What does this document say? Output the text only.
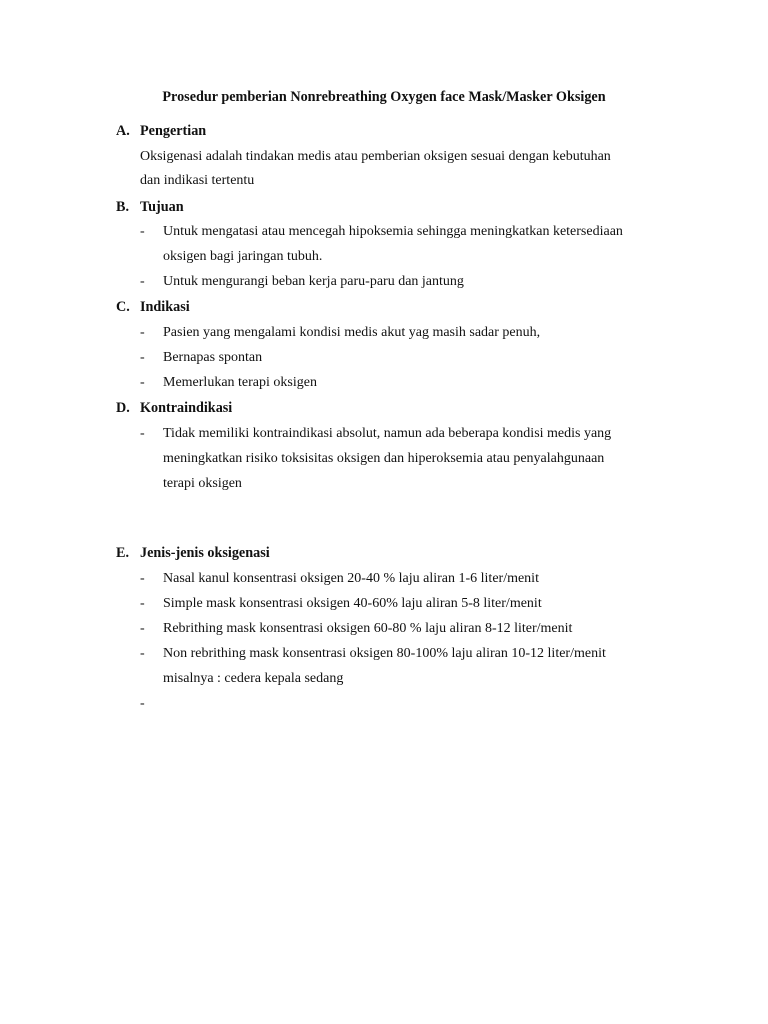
Prosedur pemberian Nonrebreathing Oxygen face Mask/Masker Oksigen
A. Pengertian
Oksigenasi adalah tindakan medis atau pemberian oksigen sesuai dengan kebutuhan
dan indikasi tertentu
B. Tujuan
- Untuk mengatasi atau mencegah hipoksemia sehingga meningkatkan ketersediaan
oksigen bagi jaringan tubuh.
- Untuk mengurangi beban kerja paru-paru dan jantung
C. Indikasi
- Pasien yang mengalami kondisi medis akut yag masih sadar penuh,
- Bernapas spontan
- Memerlukan terapi oksigen
D. Kontraindikasi
- Tidak memiliki kontraindikasi absolut, namun ada beberapa kondisi medis yang
meningkatkan risiko toksisitas oksigen dan hiperoksemia atau penyalahgunaan
terapi oksigen
E. Jenis-jenis oksigenasi
- Nasal kanul konsentrasi oksigen 20-40 % laju aliran 1-6 liter/menit
- Simple mask konsentrasi oksigen 40-60% laju aliran 5-8 liter/menit
- Rebrithing mask konsentrasi oksigen 60-80 % laju aliran 8-12 liter/menit
- Non rebrithing mask konsentrasi oksigen 80-100% laju aliran 10-12 liter/menit
misalnya : cedera kepala sedang
-
